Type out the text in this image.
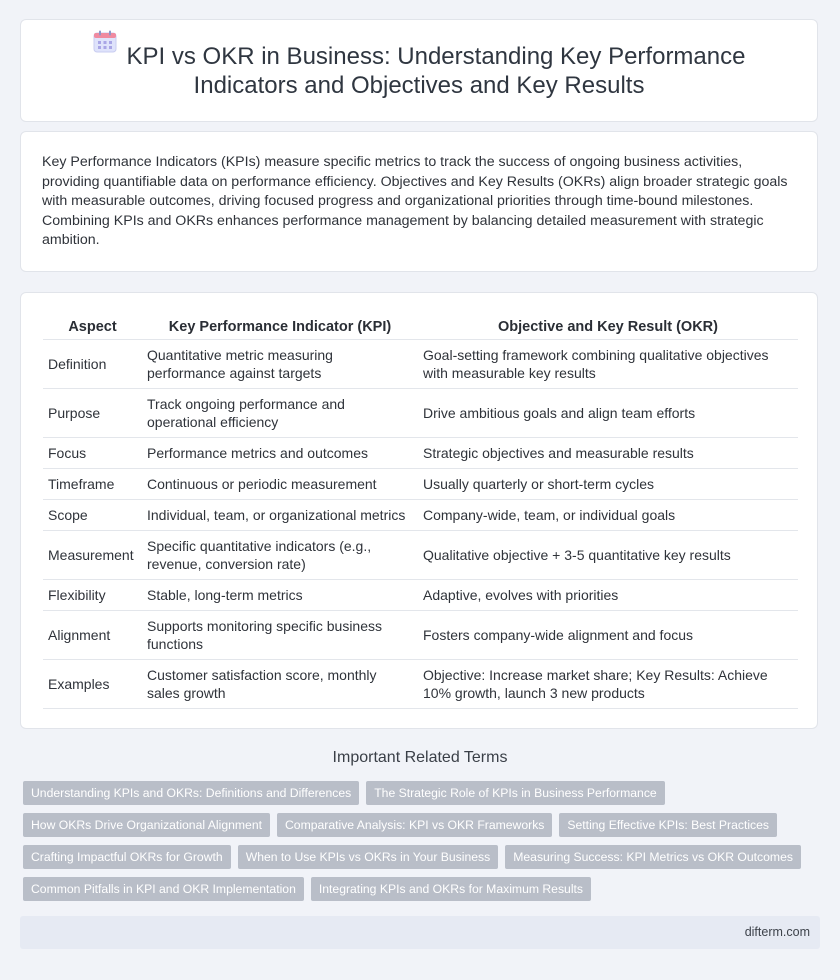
KPI vs OKR in Business: Understanding Key Performance
Indicators and Objectives and Key Results

Key Performance Indicators (KPIs) measure specific metrics to track the success of ongoing business activities, providing quantifiable data on performance efficiency. Objectives and Key Results (OKRs) align broader strategic goals with measurable outcomes, driving focused progress and organizational priorities through time-bound milestones. Combining KPIs and OKRs enhances performance management by balancing detailed measurement with strategic ambition.

Aspect	Key Performance Indicator (KPI)	Objective and Key Result (OKR)
Definition	Quantitative metric measuring performance against targets	Goal-setting framework combining qualitative objectives with measurable key results
Purpose	Track ongoing performance and operational efficiency	Drive ambitious goals and align team efforts
Focus	Performance metrics and outcomes	Strategic objectives and measurable results
Timeframe	Continuous or periodic measurement	Usually quarterly or short-term cycles
Scope	Individual, team, or organizational metrics	Company-wide, team, or individual goals
Measurement	Specific quantitative indicators (e.g., revenue, conversion rate)	Qualitative objective + 3-5 quantitative key results
Flexibility	Stable, long-term metrics	Adaptive, evolves with priorities
Alignment	Supports monitoring specific business functions	Fosters company-wide alignment and focus
Examples	Customer satisfaction score, monthly sales growth	Objective: Increase market share; Key Results: Achieve 10% growth, launch 3 new products
Important Related Terms
Understanding KPIs and OKRs: Definitions and Differences	The Strategic Role of KPIs in Business Performance
How OKRs Drive Organizational Alignment	Comparative Analysis: KPI vs OKR Frameworks	Setting Effective KPIs: Best Practices
Crafting Impactful OKRs for Growth	When to Use KPIs vs OKRs in Your Business	Measuring Success: KPI Metrics vs OKR Outcomes
Common Pitfalls in KPI and OKR Implementation	Integrating KPIs and OKRs for Maximum Results
difterm.com
